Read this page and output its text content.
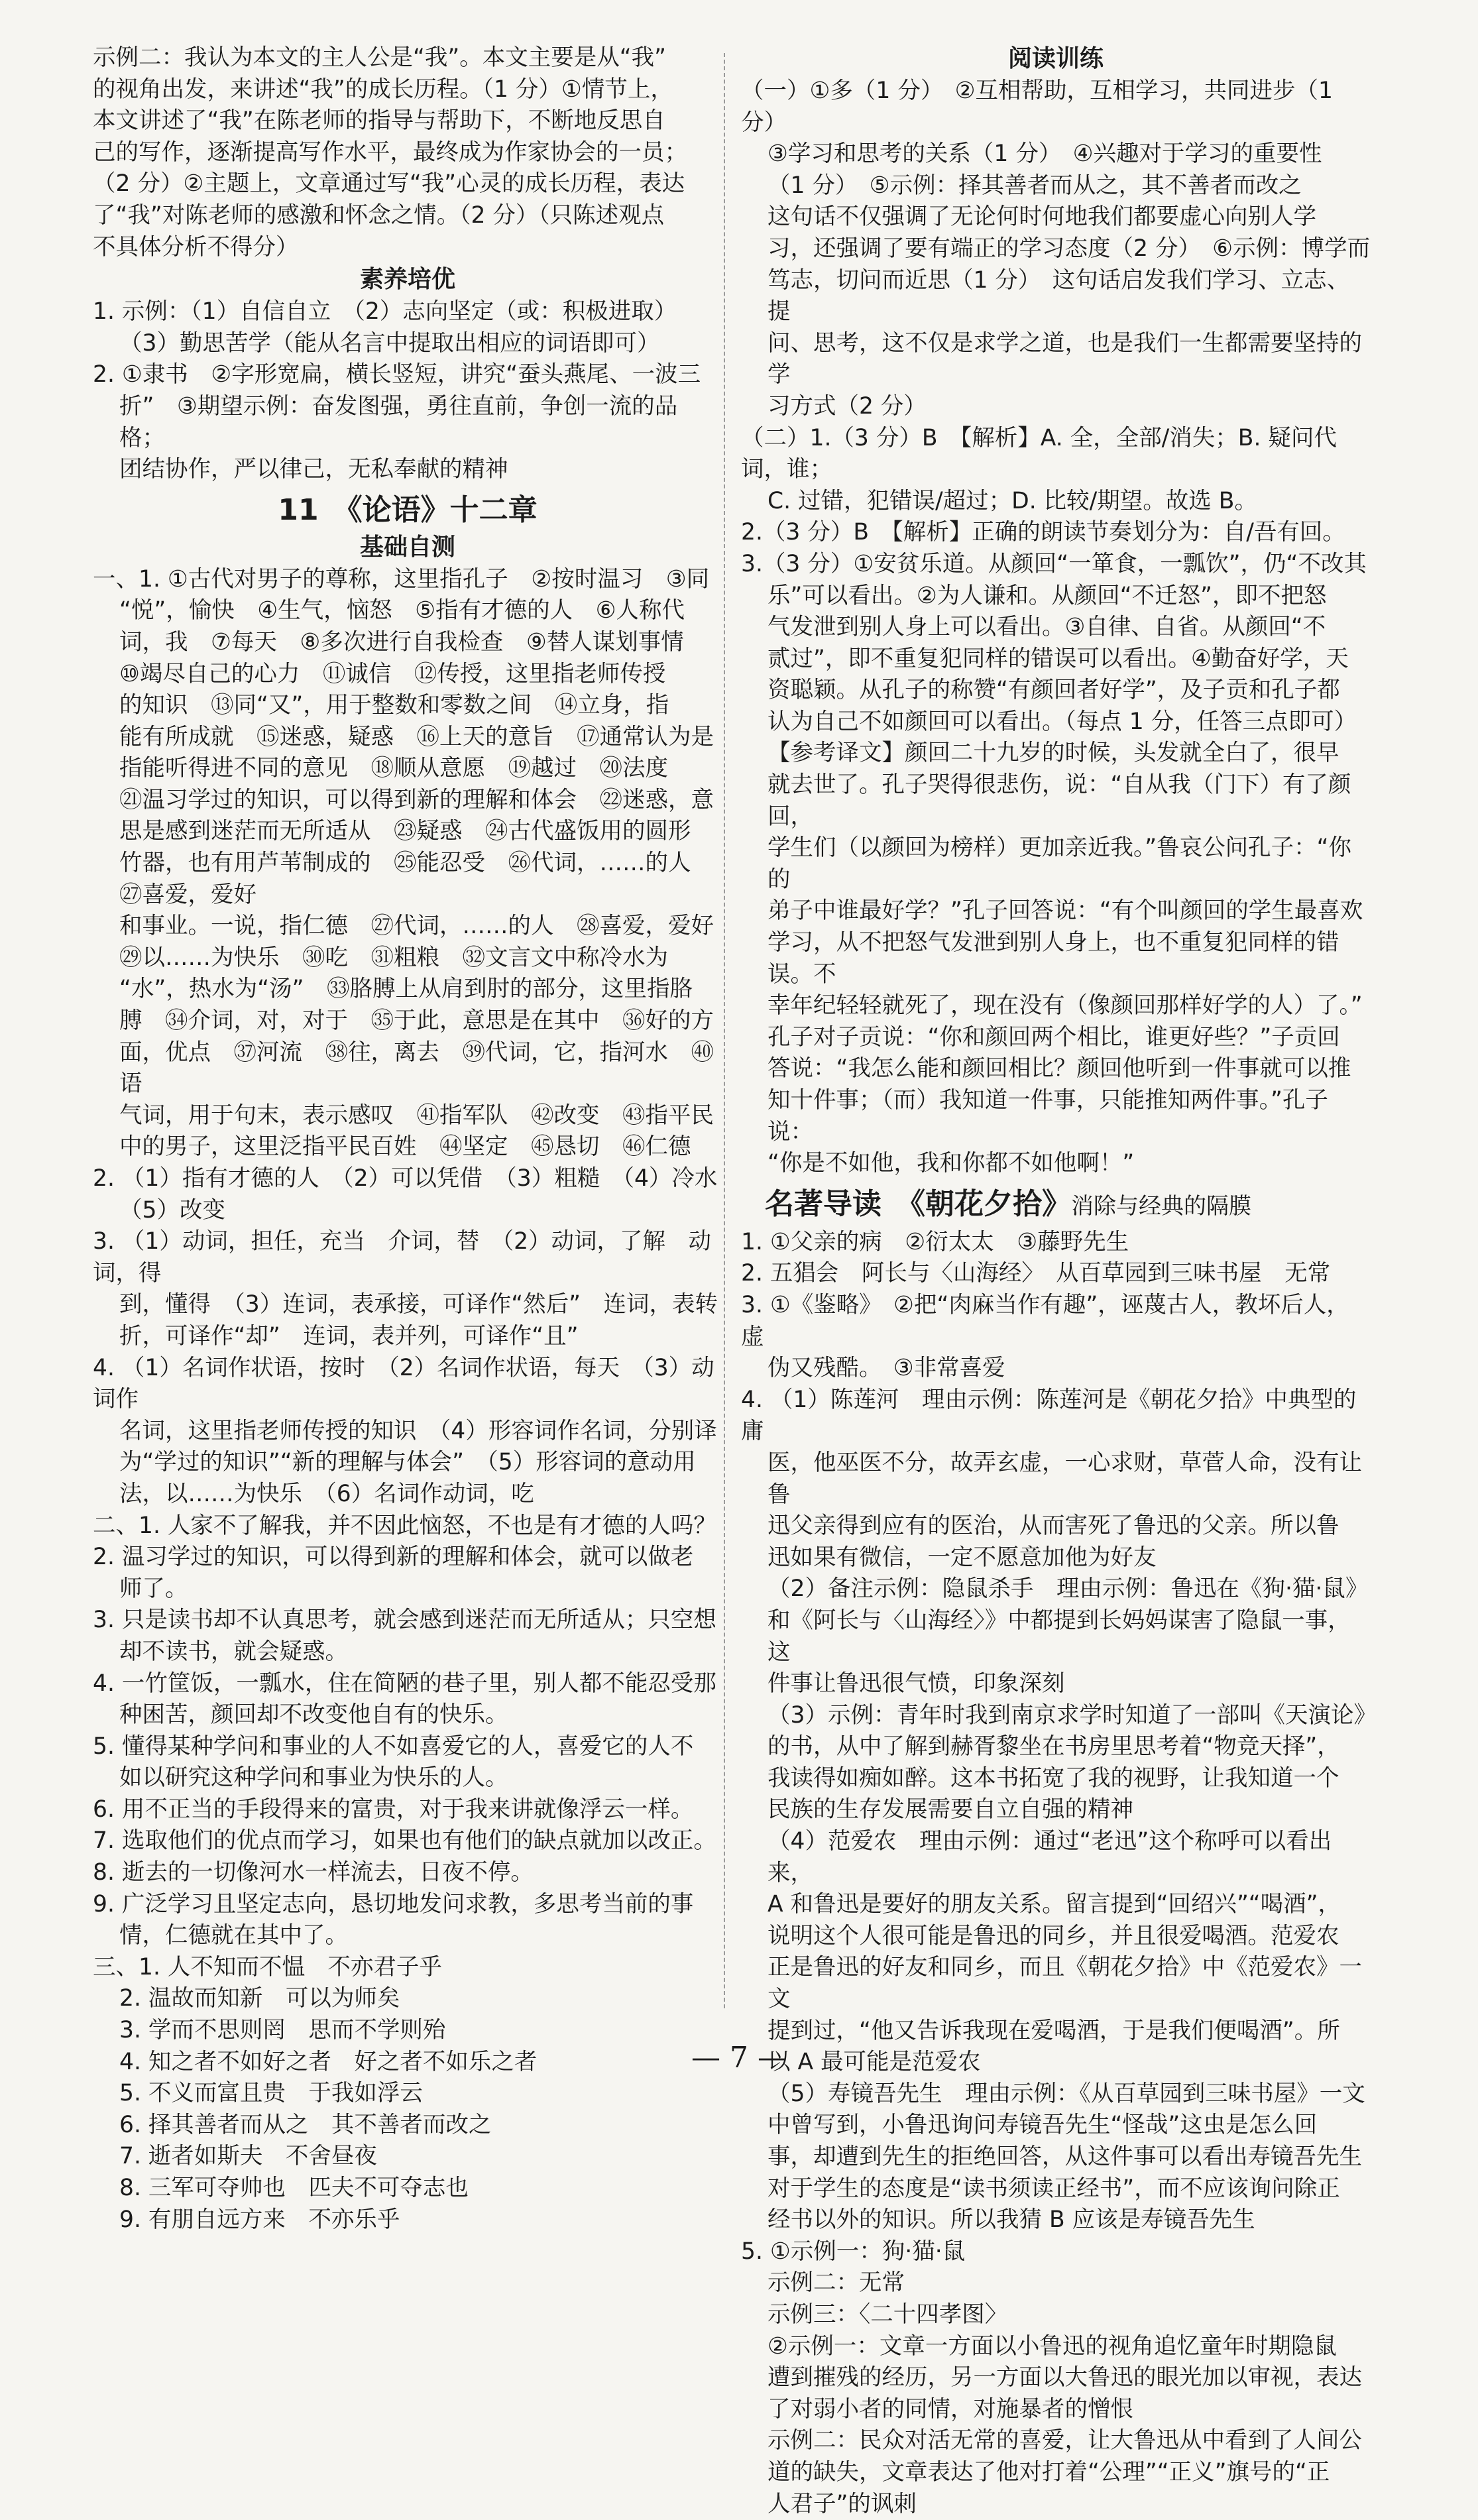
示例二：我认为本文的主人公是“我”。本文主要是从“我”
的视角出发，来讲述“我”的成长历程。（1 分）①情节上，
本文讲述了“我”在陈老师的指导与帮助下，不断地反思自
己的写作，逐渐提高写作水平，最终成为作家协会的一员；
（2 分）②主题上，文章通过写“我”心灵的成长历程，表达
了“我”对陈老师的感激和怀念之情。（2 分）（只陈述观点
不具体分析不得分）
素养培优
1. 示例：（1）自信自立　（2）志向坚定（或：积极进取）
（3）勤思苦学（能从名言中提取出相应的词语即可）
2. ①隶书　②字形宽扁，横长竖短，讲究“蚕头燕尾、一波三
折”　③期望示例：奋发图强，勇往直前，争创一流的品格；
团结协作，严以律己，无私奉献的精神
11　《论语》十二章
基础自测
一、1. ①古代对男子的尊称，这里指孔子　②按时温习　③同
“悦”，愉快　④生气，恼怒　⑤指有才德的人　⑥人称代
词，我　⑦每天　⑧多次进行自我检查　⑨替人谋划事情
⑩竭尽自己的心力　⑪诚信　⑫传授，这里指老师传授
的知识　⑬同“又”，用于整数和零数之间　⑭立身，指
能有所成就　⑮迷惑，疑惑　⑯上天的意旨　⑰通常认为是
指能听得进不同的意见　⑱顺从意愿　⑲越过　⑳法度
㉑温习学过的知识，可以得到新的理解和体会　㉒迷惑，意
思是感到迷茫而无所适从　㉓疑惑　㉔古代盛饭用的圆形
竹器，也有用芦苇制成的　㉕能忍受　㉖代词，……的人　㉗喜爱，爱好
和事业。一说，指仁德　㉗代词，……的人　㉘喜爱，爱好
㉙以……为快乐　㉚吃　㉛粗粮　㉜文言文中称冷水为
“水”，热水为“汤”　㉝胳膊上从肩到肘的部分，这里指胳
膊　㉞介词，对，对于　㉟于此，意思是在其中　㊱好的方
面，优点　㊲河流　㊳往，离去　㊴代词，它，指河水　㊵语
气词，用于句末，表示感叹　㊶指军队　㊷改变　㊸指平民
中的男子，这里泛指平民百姓　㊹坚定　㊺恳切　㊻仁德
2. （1）指有才德的人　（2）可以凭借　（3）粗糙　（4）冷水
（5）改变
3. （1）动词，担任，充当　介词，替　（2）动词，了解　动词，得
到，懂得　（3）连词，表承接，可译作“然后”　连词，表转
折，可译作“却”　连词，表并列，可译作“且”
4. （1）名词作状语，按时　（2）名词作状语，每天　（3）动词作
名词，这里指老师传授的知识　（4）形容词作名词，分别译
为“学过的知识”“新的理解与体会”　（5）形容词的意动用
法，以……为快乐　（6）名词作动词，吃
二、1. 人家不了解我，并不因此恼怒，不也是有才德的人吗？
2. 温习学过的知识，可以得到新的理解和体会，就可以做老
师了。
3. 只是读书却不认真思考，就会感到迷茫而无所适从；只空想
却不读书，就会疑惑。
4. 一竹筐饭，一瓢水，住在简陋的巷子里，别人都不能忍受那
种困苦，颜回却不改变他自有的快乐。
5. 懂得某种学问和事业的人不如喜爱它的人，喜爱它的人不
如以研究这种学问和事业为快乐的人。
6. 用不正当的手段得来的富贵，对于我来讲就像浮云一样。
7. 选取他们的优点而学习，如果也有他们的缺点就加以改正。
8. 逝去的一切像河水一样流去，日夜不停。
9. 广泛学习且坚定志向，恳切地发问求教，多思考当前的事
情，仁德就在其中了。
三、1. 人不知而不愠　不亦君子乎
2. 温故而知新　可以为师矣
3. 学而不思则罔　思而不学则殆
4. 知之者不如好之者　好之者不如乐之者
5. 不义而富且贵　于我如浮云
6. 择其善者而从之　其不善者而改之
7. 逝者如斯夫　不舍昼夜
8. 三军可夺帅也　匹夫不可夺志也
9. 有朋自远方来　不亦乐乎
阅读训练
（一）①多（1 分）　②互相帮助，互相学习，共同进步（1 分）
③学习和思考的关系（1 分）　④兴趣对于学习的重要性
（1 分）　⑤示例：择其善者而从之，其不善者而改之
这句话不仅强调了无论何时何地我们都要虚心向别人学
习，还强调了要有端正的学习态度（2 分）　⑥示例：博学而
笃志，切问而近思（1 分）　这句话启发我们学习、立志、提
问、思考，这不仅是求学之道，也是我们一生都需要坚持的学
习方式（2 分）
（二）1.（3 分）B　【解析】A. 全，全部/消失；B. 疑问代词，谁；
C. 过错，犯错误/超过；D. 比较/期望。故选 B。
2.（3 分）B　【解析】正确的朗读节奏划分为：自/吾有回。
3.（3 分）①安贫乐道。从颜回“一箪食，一瓢饮”，仍“不改其
乐”可以看出。②为人谦和。从颜回“不迁怒”，即不把怒
气发泄到别人身上可以看出。③自律、自省。从颜回“不
贰过”，即不重复犯同样的错误可以看出。④勤奋好学，天
资聪颖。从孔子的称赞“有颜回者好学”，及子贡和孔子都
认为自己不如颜回可以看出。（每点 1 分，任答三点即可）
【参考译文】颜回二十九岁的时候，头发就全白了，很早
就去世了。孔子哭得很悲伤，说：“自从我（门下）有了颜回，
学生们（以颜回为榜样）更加亲近我。”鲁哀公问孔子：“你的
弟子中谁最好学？”孔子回答说：“有个叫颜回的学生最喜欢
学习，从不把怒气发泄到别人身上，也不重复犯同样的错误。不
幸年纪轻轻就死了，现在没有（像颜回那样好学的人）了。”
孔子对子贡说：“你和颜回两个相比，谁更好些？”子贡回
答说：“我怎么能和颜回相比？颜回他听到一件事就可以推
知十件事；（而）我知道一件事，只能推知两件事。”孔子说：
“你是不如他，我和你都不如他啊！”
名著导读　《朝花夕拾》消除与经典的隔膜
1. ①父亲的病　②衍太太　③藤野先生
2. 五猖会　阿长与〈山海经〉　从百草园到三味书屋　无常
3. ①《鉴略》　②把“肉麻当作有趣”，诬蔑古人，教坏后人，虚
伪又残酷。　③非常喜爱
4. （1）陈莲河　理由示例：陈莲河是《朝花夕拾》中典型的庸
医，他巫医不分，故弄玄虚，一心求财，草菅人命，没有让鲁
迅父亲得到应有的医治，从而害死了鲁迅的父亲。所以鲁
迅如果有微信，一定不愿意加他为好友
（2）备注示例：隐鼠杀手　理由示例：鲁迅在《狗·猫·鼠》
和《阿长与〈山海经〉》中都提到长妈妈谋害了隐鼠一事，这
件事让鲁迅很气愤，印象深刻
（3）示例：青年时我到南京求学时知道了一部叫《天演论》
的书，从中了解到赫胥黎坐在书房里思考着“物竞天择”，
我读得如痴如醉。这本书拓宽了我的视野，让我知道一个
民族的生存发展需要自立自强的精神
（4）范爱农　理由示例：通过“老迅”这个称呼可以看出来，
A 和鲁迅是要好的朋友关系。留言提到“回绍兴”“喝酒”，
说明这个人很可能是鲁迅的同乡，并且很爱喝酒。范爱农
正是鲁迅的好友和同乡，而且《朝花夕拾》中《范爱农》一文
提到过，“他又告诉我现在爱喝酒，于是我们便喝酒”。所
以 A 最可能是范爱农
（5）寿镜吾先生　理由示例：《从百草园到三味书屋》一文
中曾写到，小鲁迅询问寿镜吾先生“怪哉”这虫是怎么回
事，却遭到先生的拒绝回答，从这件事可以看出寿镜吾先生
对于学生的态度是“读书须读正经书”，而不应该询问除正
经书以外的知识。所以我猜 B 应该是寿镜吾先生
5. ①示例一：狗·猫·鼠
示例二：无常
示例三：〈二十四孝图〉
②示例一：文章一方面以小鲁迅的视角追忆童年时期隐鼠
遭到摧残的经历，另一方面以大鲁迅的眼光加以审视，表达
了对弱小者的同情，对施暴者的憎恨
示例二：民众对活无常的喜爱，让大鲁迅从中看到了人间公
道的缺失，文章表达了他对打着“公理”“正义”旗号的“正
人君子”的讽刺
— 7 —
